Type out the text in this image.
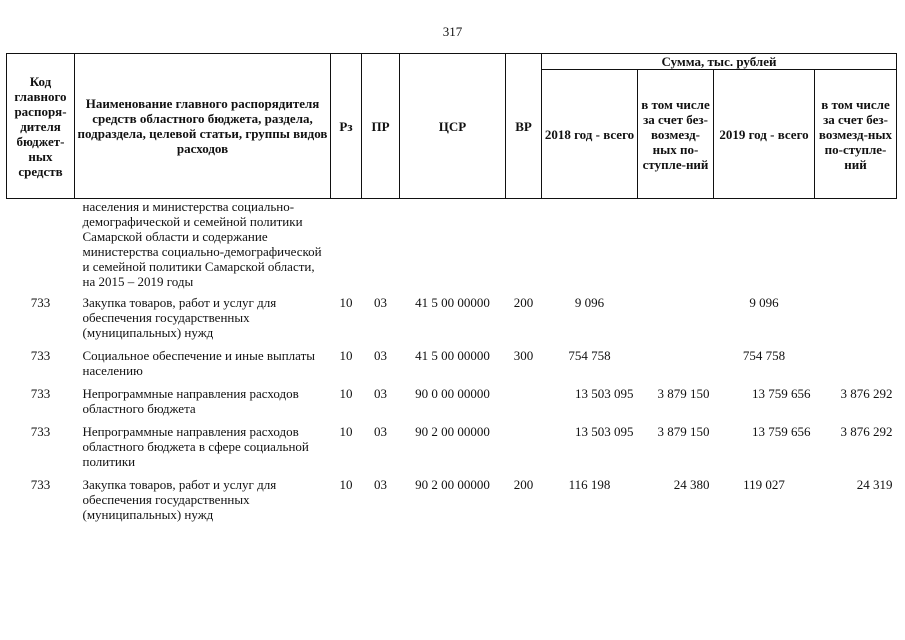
317
Код главного распоря-дителя бюджет-ных средств	Наименование главного распорядителя средств областного бюджета, раздела, подраздела, целевой статьи, группы видов расходов	Рз	ПР	ЦСР	ВР	Сумма, тыс. рублей			
						2018 год - всего	в том числе за счет без-возмезд-ных по-ступле-ний	2019 год - всего	в том числе за счет без-возмезд-ных по-ступле-ний
	населения и министерства социально-демографической и семейной политики Самарской области и содержание министерства социально-демографической и семейной политики Самарской области, на 2015 – 2019 годы								
733	Закупка товаров, работ и услуг для обеспечения государственных (муниципальных) нужд	10	03	41 5 00 00000	200	9 096		9 096	
733	Социальное обеспечение и иные выплаты населению	10	03	41 5 00 00000	300	754 758		754 758	
733	Непрограммные направления расходов областного бюджета	10	03	90 0 00 00000		13 503 095	3 879 150	13 759 656	3 876 292
733	Непрограммные направления расходов областного бюджета в сфере социальной политики	10	03	90 2 00 00000		13 503 095	3 879 150	13 759 656	3 876 292
733	Закупка товаров, работ и услуг для обеспечения государственных (муниципальных) нужд	10	03	90 2 00 00000	200	116 198	24 380	119 027	24 319
